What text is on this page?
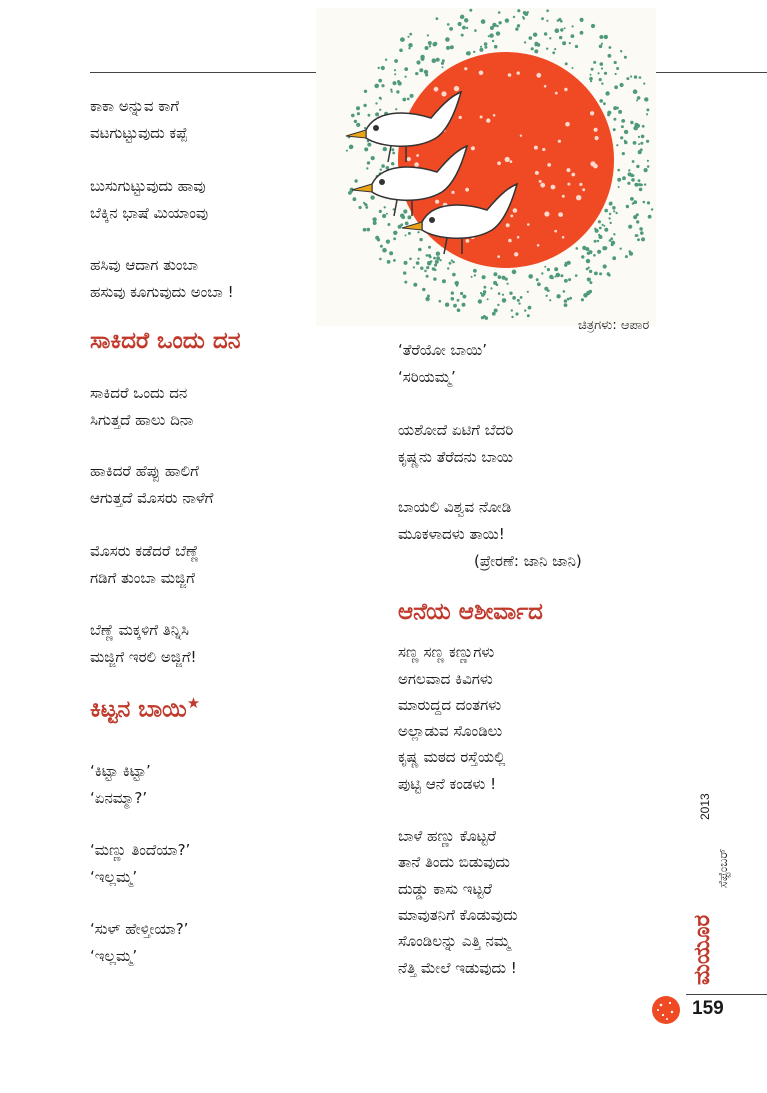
ಚಿತ್ರಗಳು: ಆಪಾರ
ಕಾಕಾ ಅನ್ನುವ ಕಾಗೆ
ವಟಗುಟ್ಟುವುದು ಕಪ್ಪೆ
ಬುಸುಗುಟ್ಟುವುದು ಹಾವು
ಬೆಕ್ಕಿನ ಭಾಷೆ ಮಿಯಾಂವು
ಹಸಿವು ಆದಾಗ ತುಂಬಾ
ಹಸುವು ಕೂಗುವುದು ಅಂಬಾ !
ಸಾಕಿದರೆ ಒಂದು ದನ
ಸಾಕಿದರೆ ಒಂದು ದನ
ಸಿಗುತ್ತದೆ ಹಾಲು ದಿನಾ
ಹಾಕಿದರೆ ಹೆಪ್ಪು ಹಾಲಿಗೆ
ಆಗುತ್ತದೆ ಮೊಸರು ನಾಳೆಗೆ
ಮೊಸರು ಕಡೆದರೆ ಬೆಣ್ಣೆ
ಗಡಿಗೆ ತುಂಬಾ ಮಜ್ಜಿಗೆ
ಬೆಣ್ಣೆ ಮಕ್ಕಳಿಗೆ ತಿನ್ನಿಸಿ
ಮಜ್ಜಿಗೆ ಇರಲಿ ಅಜ್ಜಿಗೆ!
ಕಿಟ್ಟನ ಬಾಯಿ★
‘ಕಿಟ್ಟಾ ಕಿಟ್ಟಾ’
‘ಏನಮ್ಮಾ?’
‘ಮಣ್ಣು ತಿಂದೆಯಾ?’
‘ಇಲ್ಲಮ್ಮ’
‘ಸುಳ್ ಹೇಳ್ತೀಯಾ?’
‘ಇಲ್ಲಮ್ಮ’
‘ತೆರೆಯೋ ಬಾಯಿ’
‘ಸರಿಯಮ್ಮ’
ಯಶೋದೆ ಏಟಿಗೆ ಬೆದರಿ
ಕೃಷ್ಣನು ತೆರೆದನು ಬಾಯಿ
ಬಾಯಲಿ ವಿಶ್ವವ ನೋಡಿ
ಮೂಕಳಾದಳು ತಾಯಿ!
(ಪ್ರೇರಣೆ: ಜಾನಿ ಜಾನಿ)
ಆನೆಯ ಆಶೀರ್ವಾದ
ಸಣ್ಣ ಸಣ್ಣ ಕಣ್ಣುಗಳು
ಅಗಲವಾದ ಕಿವಿಗಳು
ಮಾರುದ್ದದ ದಂತಗಳು
ಅಲ್ಲಾಡುವ ಸೊಂಡಿಲು
ಕೃಷ್ಣ ಮಠದ ರಸ್ತೆಯಲ್ಲಿ
ಪುಟ್ಟಿ ಆನೆ ಕಂಡಳು !
ಬಾಳೆ ಹಣ್ಣು ಕೊಟ್ಟರೆ
ತಾನೆ ತಿಂದು ಬಿಡುವುದು
ದುಡ್ಡು ಕಾಸು ಇಟ್ಟರೆ
ಮಾವುತನಿಗೆ ಕೊಡುವುದು
ಸೊಂಡಿಲನ್ನು ಎತ್ತಿ ನಮ್ಮ
ನೆತ್ತಿ ಮೇಲೆ ಇಡುವುದು !	ಮಯೂರ
ಸೆಪ್ಟೆಂಬರ್
2013
159
